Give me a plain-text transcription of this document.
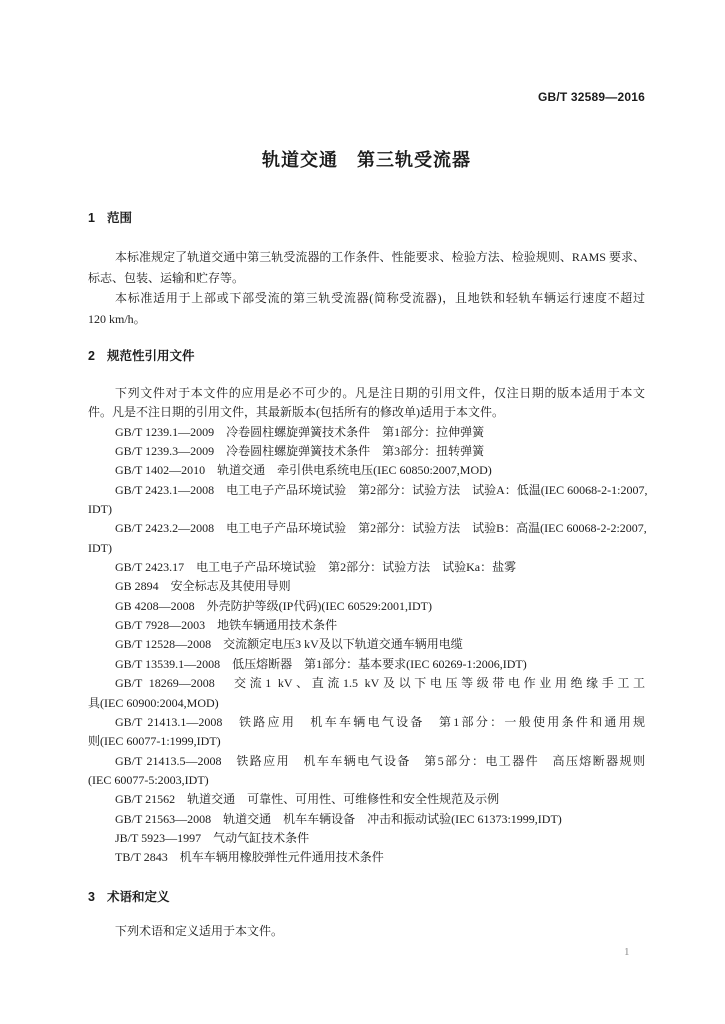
GB/T 32589—2016
轨道交通　第三轨受流器
1 范围
本标准规定了轨道交通中第三轨受流器的工作条件、性能要求、检验方法、检验规则、RAMS 要求、
标志、包装、运输和贮存等。
本标准适用于上部或下部受流的第三轨受流器(简称受流器)，且地铁和轻轨车辆运行速度不超过
120 km/h。
2 规范性引用文件
下列文件对于本文件的应用是必不可少的。凡是注日期的引用文件，仅注日期的版本适用于本文
件。凡是不注日期的引用文件，其最新版本(包括所有的修改单)适用于本文件。
GB/T 1239.1—2009　冷卷圆柱螺旋弹簧技术条件　第1部分：拉伸弹簧
GB/T 1239.3—2009　冷卷圆柱螺旋弹簧技术条件　第3部分：扭转弹簧
GB/T 1402—2010　轨道交通　牵引供电系统电压(IEC 60850:2007,MOD)
GB/T 2423.1—2008　电工电子产品环境试验　第2部分：试验方法　试验A：低温(IEC 60068-2-1:2007,
IDT)
GB/T 2423.2—2008　电工电子产品环境试验　第2部分：试验方法　试验B：高温(IEC 60068-2-2:2007,
IDT)
GB/T 2423.17　电工电子产品环境试验　第2部分：试验方法　试验Ka：盐雾
GB 2894　安全标志及其使用导则
GB 4208—2008　外壳防护等级(IP代码)(IEC 60529:2001,IDT)
GB/T 7928—2003　地铁车辆通用技术条件
GB/T 12528—2008　交流额定电压3 kV及以下轨道交通车辆用电缆
GB/T 13539.1—2008　低压熔断器　第1部分：基本要求(IEC 60269-1:2006,IDT)
GB/T 18269—2008　交流1 kV、直流1.5 kV及以下电压等级带电作业用绝缘手工工
具(IEC 60900:2004,MOD)
GB/T 21413.1—2008　铁路应用　机车车辆电气设备　第1部分：一般使用条件和通用规
则(IEC 60077-1:1999,IDT)
GB/T 21413.5—2008　铁路应用　机车车辆电气设备　第5部分：电工器件　高压熔断器规则
(IEC 60077-5:2003,IDT)
GB/T 21562　轨道交通　可靠性、可用性、可维修性和安全性规范及示例
GB/T 21563—2008　轨道交通　机车车辆设备　冲击和振动试验(IEC 61373:1999,IDT)
JB/T 5923—1997　气动气缸技术条件
TB/T 2843　机车车辆用橡胶弹性元件通用技术条件
3 术语和定义
下列术语和定义适用于本文件。
1
